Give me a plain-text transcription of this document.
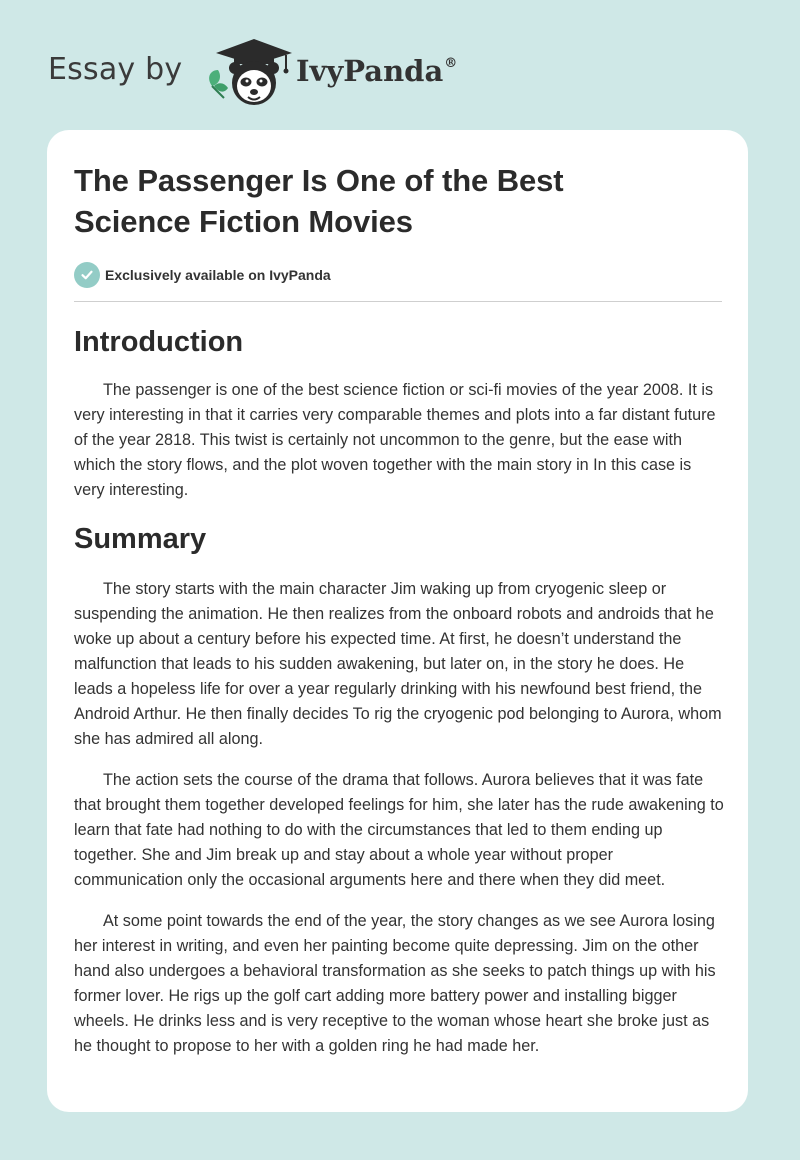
Essay by	IvyPanda®
The Passenger Is One of the Best
Science Fiction Movies
Exclusively available on IvyPanda
Introduction

The passenger is one of the best science fiction or sci-fi movies of the year 2008. It is very interesting in that it carries very comparable themes and plots into a far distant future of the year 2818. This twist is certainly not uncommon to the genre, but the ease with which the story flows, and the plot woven together with the main story in In this case is very interesting.

Summary

The story starts with the main character Jim waking up from cryogenic sleep or suspending the animation. He then realizes from the onboard robots and androids that he woke up about a century before his expected time. At first, he doesn’t understand the malfunction that leads to his sudden awakening, but later on, in the story he does. He leads a hopeless life for over a year regularly drinking with his newfound best friend, the Android Arthur. He then finally decides To rig the cryogenic pod belonging to Aurora, whom she has admired all along.

The action sets the course of the drama that follows. Aurora believes that it was fate that brought them together developed feelings for him, she later has the rude awakening to learn that fate had nothing to do with the circumstances that led to them ending up together. She and Jim break up and stay about a whole year without proper communication only the occasional arguments here and there when they did meet.

At some point towards the end of the year, the story changes as we see Aurora losing her interest in writing, and even her painting become quite depressing. Jim on the other hand also undergoes a behavioral transformation as she seeks to patch things up with his former lover. He rigs up the golf cart adding more battery power and installing bigger wheels. He drinks less and is very receptive to the woman whose heart she broke just as he thought to propose to her with a golden ring he had made her.
